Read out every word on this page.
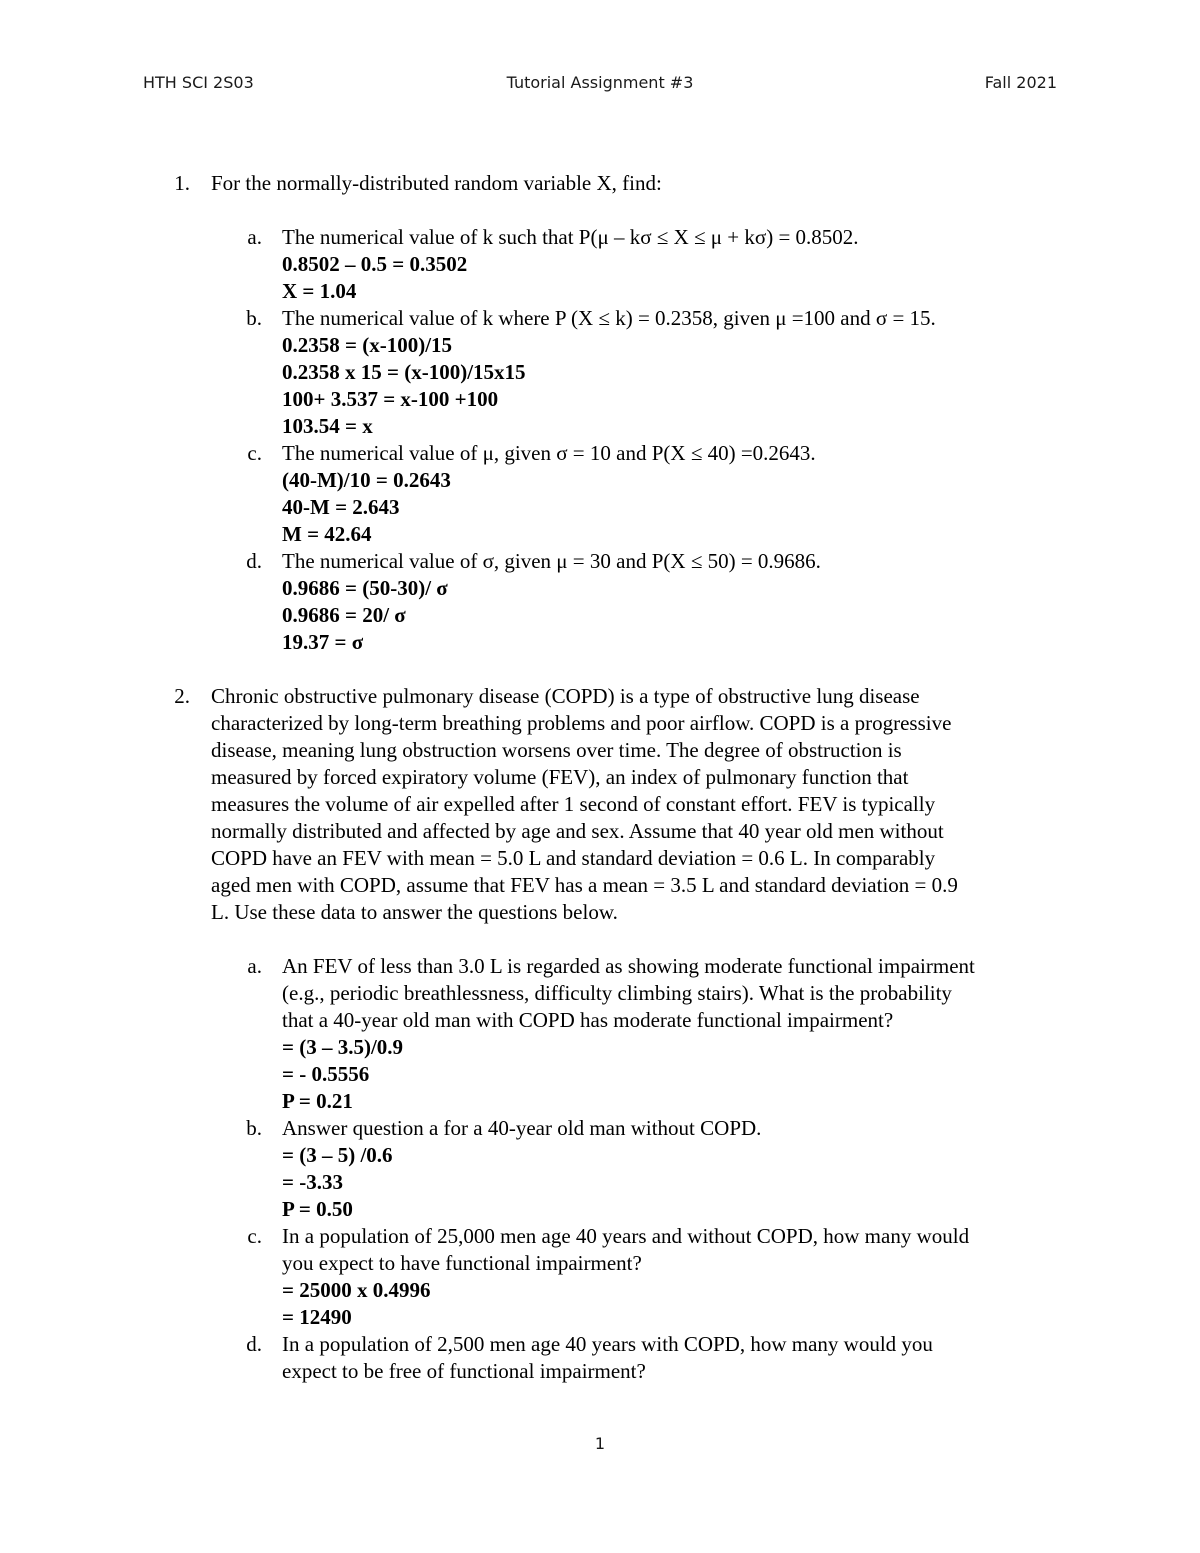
HTH SCI 2S03	Tutorial Assignment #3	Fall 2021
1. For the normally-distributed random variable X, find:
a. The numerical value of k such that P(μ – kσ ≤ X ≤ μ + kσ) = 0.8502.
0.8502 – 0.5 = 0.3502
X = 1.04
b. The numerical value of k where P (X ≤ k) = 0.2358, given μ =100 and σ = 15.
0.2358 = (x-100)/15
0.2358 x 15 = (x-100)/15x15
100+ 3.537 = x-100 +100
103.54 = x
c. The numerical value of μ, given σ = 10 and P(X ≤ 40) =0.2643.
(40-M)/10 = 0.2643
40-M = 2.643
M = 42.64
d. The numerical value of σ, given μ = 30 and P(X ≤ 50) = 0.9686.
0.9686 = (50-30)/ σ
0.9686 = 20/ σ
19.37 = σ
2. Chronic obstructive pulmonary disease (COPD) is a type of obstructive lung disease
characterized by long-term breathing problems and poor airflow. COPD is a progressive
disease, meaning lung obstruction worsens over time. The degree of obstruction is
measured by forced expiratory volume (FEV), an index of pulmonary function that
measures the volume of air expelled after 1 second of constant effort. FEV is typically
normally distributed and affected by age and sex. Assume that 40 year old men without
COPD have an FEV with mean = 5.0 L and standard deviation = 0.6 L. In comparably
aged men with COPD, assume that FEV has a mean = 3.5 L and standard deviation = 0.9
L. Use these data to answer the questions below.
a. An FEV of less than 3.0 L is regarded as showing moderate functional impairment
(e.g., periodic breathlessness, difficulty climbing stairs). What is the probability
that a 40-year old man with COPD has moderate functional impairment?
= (3 – 3.5)/0.9
= - 0.5556
P = 0.21
b. Answer question a for a 40-year old man without COPD.
= (3 – 5) /0.6
= -3.33
P = 0.50
c. In a population of 25,000 men age 40 years and without COPD, how many would
you expect to have functional impairment?
= 25000 x 0.4996
= 12490
d. In a population of 2,500 men age 40 years with COPD, how many would you
expect to be free of functional impairment?
1
